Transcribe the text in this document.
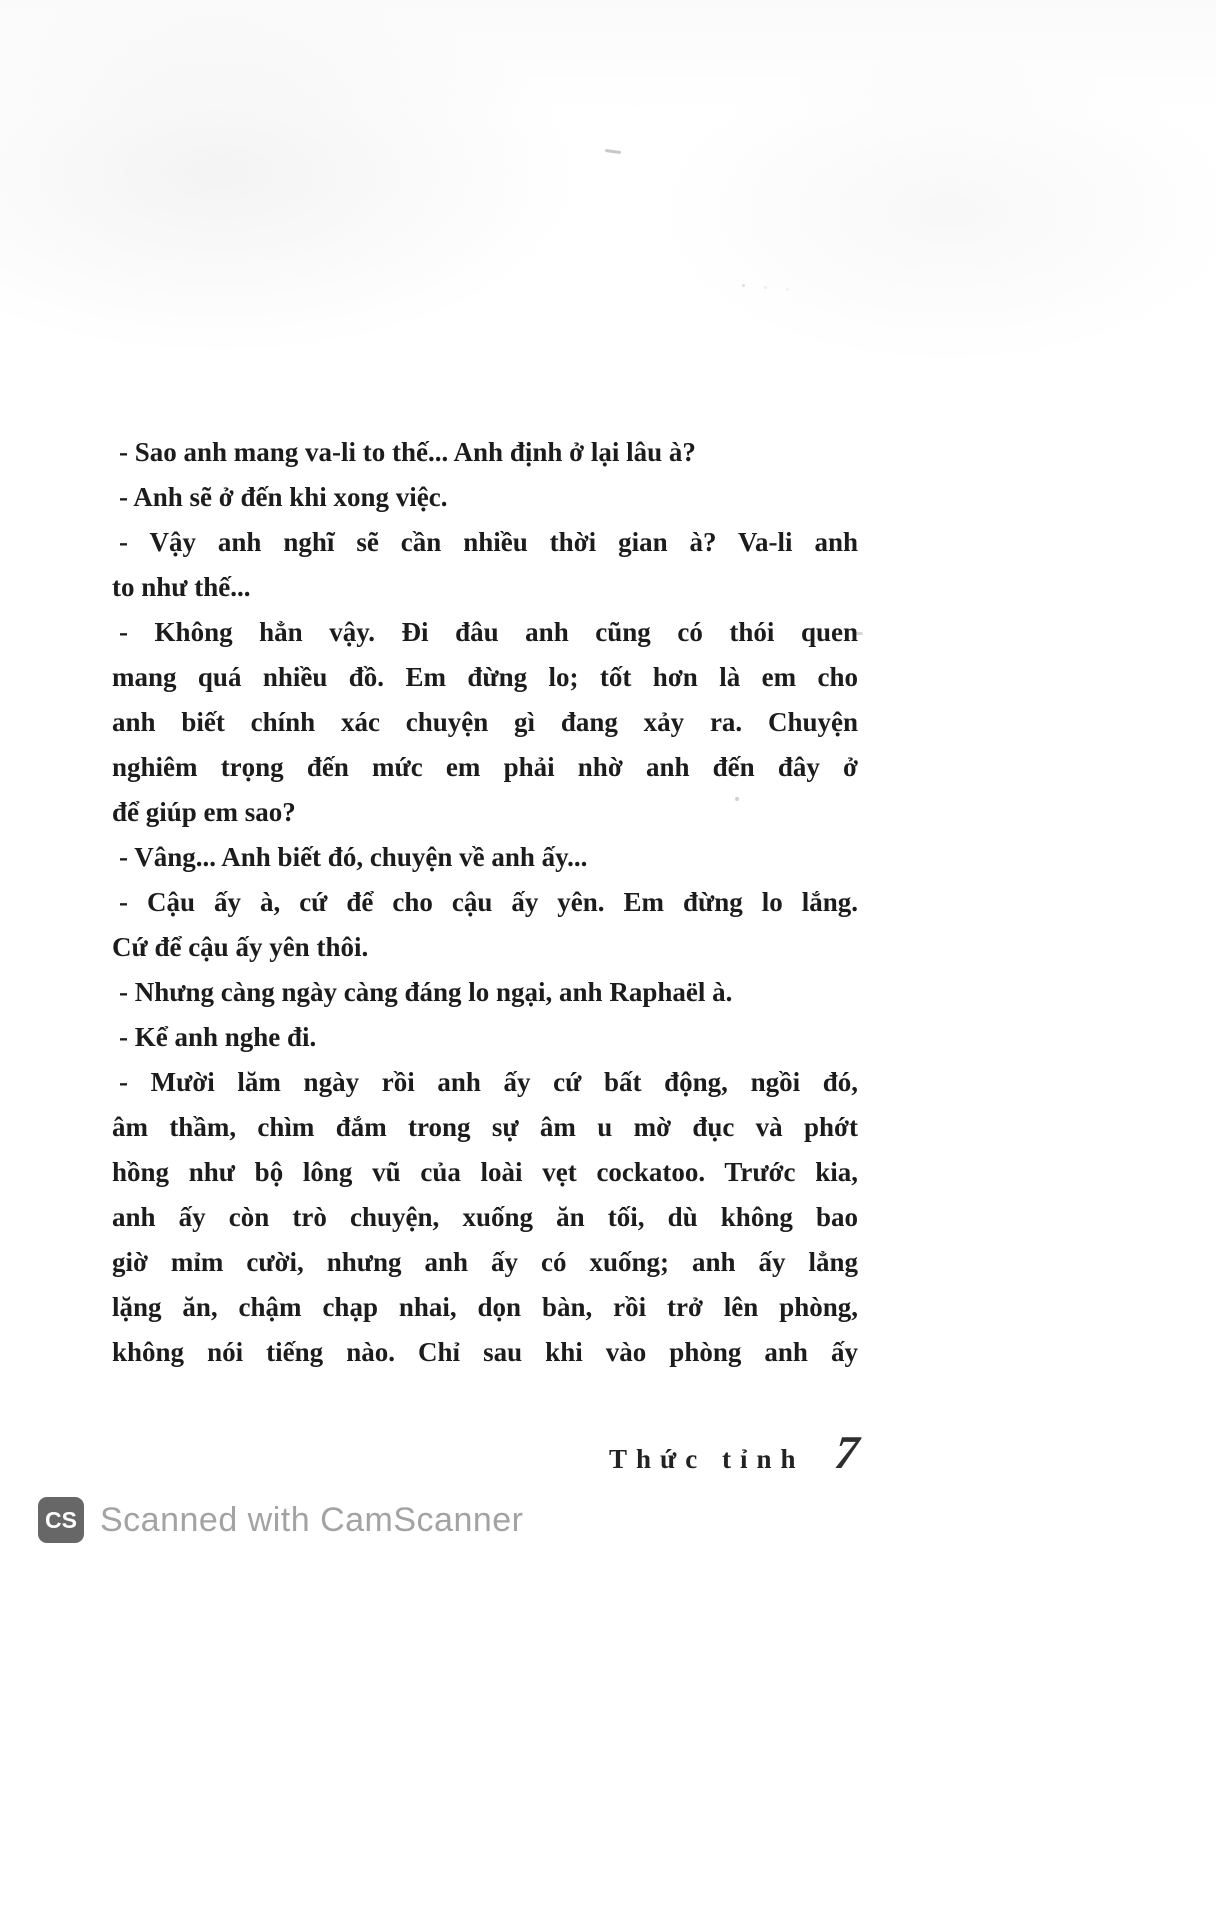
- Sao anh mang va-li to thế... Anh định ở lại lâu à?
- Anh sẽ ở đến khi xong việc.
- Vậy anh nghĩ sẽ cần nhiều thời gian à? Va-li anh
to như thế...
- Không hẳn vậy. Đi đâu anh cũng có thói quen
mang quá nhiều đồ. Em đừng lo; tốt hơn là em cho
anh biết chính xác chuyện gì đang xảy ra. Chuyện
nghiêm trọng đến mức em phải nhờ anh đến đây ở
để giúp em sao?
- Vâng... Anh biết đó, chuyện về anh ấy...
- Cậu ấy à, cứ để cho cậu ấy yên. Em đừng lo lắng.
Cứ để cậu ấy yên thôi.
- Nhưng càng ngày càng đáng lo ngại, anh Raphaël à.
- Kể anh nghe đi.
- Mười lăm ngày rồi anh ấy cứ bất động, ngồi đó,
âm thầm, chìm đắm trong sự âm u mờ đục và phớt
hồng như bộ lông vũ của loài vẹt cockatoo. Trước kia,
anh ấy còn trò chuyện, xuống ăn tối, dù không bao
giờ mỉm cười, nhưng anh ấy có xuống; anh ấy lẳng
lặng ăn, chậm chạp nhai, dọn bàn, rồi trở lên phòng,
không nói tiếng nào. Chỉ sau khi vào phòng anh ấy
Thức tỉnh 7
CS Scanned with CamScanner
